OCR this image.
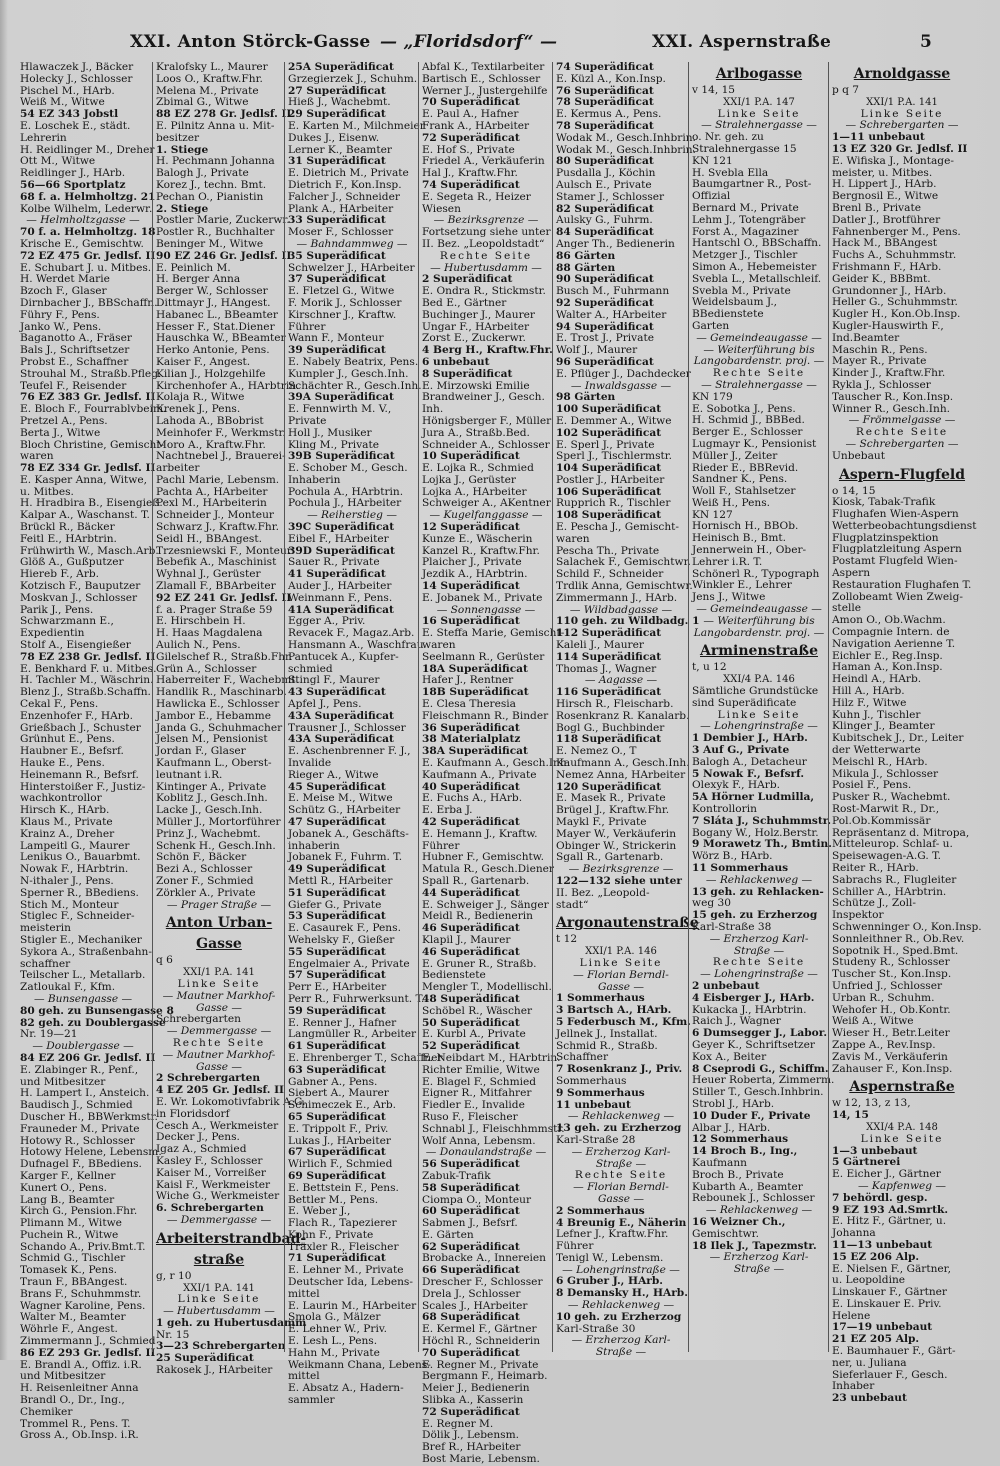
XXI. Anton Störck-Gasse — „Floridsdorf“ —	XXI. Aspernstraße	5
Hlawaczek J., Bäcker
Holecky J., Schlosser
Pischel M., HArb.
Weiß M., Witwe
54 EZ 343 Jobstl
E. Loschek E., städt.
Lehrerin
H. Reidlinger M., Dreher
Ott M., Witwe
Reidlinger J., HArb.
56—66 Sportplatz
68 f. a. Helmholtzg. 21
Kolbe Wilhelm, Lederwr.
— Helmholtzgasse —
70 f. a. Helmholtzg. 18
Krische E., Gemischtw.
72 EZ 475 Gr. Jedlsf. II
E. Schubart J. u. Mitbes.
H. Werdet Marie
Bzoch F., Glaser
Dirnbacher J., BBSchaffn.
Führy F., Pens.
Janko W., Pens.
Baganotto A., Fräser
Bals J., Schriftsetzer
Probst E., Schaffner
Strouhal M., Straßb.Pfleg.
Teufel F., Reisender
76 EZ 383 Gr. Jedlsf. II
E. Bloch F., Fourrablvbeim.
Pretzel A., Pens.
Berta J., Witwe
Bloch Christine, Gemischt-
waren
78 EZ 334 Gr. Jedlsf. II
E. Kasper Anna, Witwe,
u. Mitbes.
H. Hradbira B., Eisengieß.
Kalpar A., Waschanst. T.
Brückl R., Bäcker
Feitl E., HArbtrin.
Frühwirth W., Masch.Arb.
Glöß A., Gußputzer
Hiereb F., Arb.
Kotzisch F., Bauputzer
Moskvan J., Schlosser
Parik J., Pens.
Schwarzmann E.,
Expedientin
Stolf A., Eisengießer
78 EZ 238 Gr. Jedlsf. II
E. Benkhard F. u. Mitbes.
H. Tachler M., Wäschrin.
Blenz J., Straßb.Schaffn.
Cekal F., Pens.
Enzenhofer F., HArb.
Grießbach J., Schuster
Grünhut E., Pens.
Haubner E., Befsrf.
Hauke E., Pens.
Heinemann R., Befsrf.
Hinterstoißer F., Justiz-
wachkontrollor
Hirsch K., HArb.
Klaus M., Private
Krainz A., Dreher
Lampeitl G., Maurer
Lenikus O., Bauarbmt.
Nowak F., HArbtrin.
N-ithaler J., Pens.
Sperner R., BBediens.
Stich M., Monteur
Stiglec F., Schneider-
meisterin
Stigler E., Mechaniker
Sykora A., Straßenbahn-
schaffner
Teilscher L., Metallarb.
Zatloukal F., Kfm.
— Bunsengasse —
80 geh. zu Bunsengasse 8
82 geh. zu Doublergasse
Nr. 19—21
— Doublergasse —
84 EZ 206 Gr. Jedlsf. II
E. Zlabinger R., Penf.,
und Mitbesitzer
H. Lampert I., Ansteich.
Baudisch J., Schmied
Duscher H., BBWerkmstr.
Frauneder M., Private
Hotowy R., Schlosser
Hotowy Helene, Lebensm.
Dufnagel F., BBediens.
Karger F., Kellner
Kunert O., Pens.
Lang B., Beamter
Kirch G., Pension.Fhr.
Plimann M., Witwe
Puchein R., Witwe
Schando A., Priv.Bmt.T.
Schmid G., Tischler
Tomasek K., Pens.
Traun F., BBAngest.
Brans F., Schuhmmstr.
Wagner Karoline, Pens.
Walter M., Beamter
Wöhrle F., Angest.
Zimmermann J., Schmied
86 EZ 293 Gr. Jedlsf. II
E. Brandl A., Offiz. i.R.
und Mitbesitzer
H. Reisenleitner Anna
Brandl O., Dr., Ing.,
Chemiker
Trommel R., Pens. T.
Gross A., Ob.Insp. i.R.
Kralofsky L., Maurer
Loos O., Kraftw.Fhr.
Melena M., Private
Zbimal G., Witwe
88 EZ 278 Gr. Jedlsf. II
E. Pilnitz Anna u. Mit-
besitzer
1. Stiege
H. Pechmann Johanna
Balogh J., Private
Korez J., techn. Bmt.
Pechan O., Pianistin
2. Stiege
Postler Marie, Zuckerwr.
Postler R., Buchhalter
Beninger M., Witwe
90 EZ 246 Gr. Jedlsf. II
E. Peinlich M.
H. Berger Anna
Berger W., Schlosser
Dittmayr J., HAngest.
Habanec L., BBeamter
Hesser F., Stat.Diener
Hauschka W., BBeamter
Herko Antonie, Pens.
Kaiser F., Angest.
Kilian J., Holzgehilfe
Kirchenhofer A., HArbtrin.
Kolaja R., Witwe
Krenek J., Pens.
Lahoda A., BBobrist
Meinhofer F., Werkmstr.
Moro A., Kraftw.Fhr.
Nachtnebel J., Brauerei-
arbeiter
Pachl Marie, Lebensm.
Pachta A., HArbeiter
Pexl M., HArbeiterin
Schneider J., Monteur
Schwarz J., Kraftw.Fhr.
Seidl H., BBAngest.
Trzesniewski F., Monteur
Bebefik A., Maschinist
Wyhnal J., Gerüster
Zlamall F., BBArbeiter
92 EZ 241 Gr. Jedlsf. II
f. a. Prager Straße 59
E. Hirschbein H.
H. Haas Magdalena
Aulich N., Pens.
Gilelschef R., Straßb.Fhr.
Grün A., Schlosser
Haberreiter F., Wachebmt.
Handlik R., Maschinarb.
Hawlicka E., Schlosser
Jambor E., Hebamme
Janda G., Schuhmacher
Jelsen M., Pensionist
Jordan F., Glaser
Kaufmann L., Oberst-
leutnant i.R.
Kintinger A., Private
Koblitz J., Gesch.Inh.
Lacke J., Gesch.Inh.
Müller J., Mortorführer
Prinz J., Wachebmt.
Schenk H., Gesch.Inh.
Schön F., Bäcker
Bezi A., Schlosser
Zoner F., Schmied
Zörkler A., Private
— Prager Straße —
Anton Urban-
Gasse
q 6
XXI/1 P.A. 141
Linke Seite
— Mautner Markhof-
Gasse —
Schrebergarten
— Demmergasse —
Rechte Seite
— Mautner Markhof-
Gasse —
2 Schrebergarten
4 EZ 205 Gr. Jedlsf. II
E. Wr. Lokomotivfabrik A.G.
in Floridsdorf
Cesch A., Werkmeister
Decker J., Pens.
Igaz A., Schmied
Kasley F., Schlosser
Kaiser M., Vorreißer
Kaisl F., Werkmeister
Wiche G., Werkmeister
6. Schrebergarten
— Demmergasse —
Arbeiterstrandbad-
straße
g, r 10
XXI/1 P.A. 141
Linke Seite
— Hubertusdamm —
1 geh. zu Hubertusdamm
Nr. 15
3—23 Schrebergarten
25 Superädificat
Rakosek J., HArbeiter
25A Superädificat
Grzegierzek J., Schuhm.
27 Superädificat
Hieß J., Wachebmt.
29 Superädificat
E. Karten M., Milchmeier
Dukes J., Eisenw.
Lerner K., Beamter
31 Superädificat
E. Dietrich M., Private
Dietrich F., Kon.Insp.
Falcher J., Schneider
Plank A., HArbeiter
33 Superädificat
Moser F., Schlosser
— Bahndammweg —
35 Superädificat
Schwelzer J., HArbeiter
37 Superädificat
E. Fletzel G., Witwe
F. Morik J., Schlosser
Kirschner J., Kraftw.
Führer
Wann F., Monteur
39 Superädificat
E. Nabely Beatrix, Pens.
Kumpler J., Gesch.Inh.
Schächter R., Gesch.Inh.
39A Superädificat
E. Fennwirth M. V.,
Private
Holl J., Musiker
Kling M., Private
39B Superädificat
E. Schober M., Gesch.
Inhaberin
Pochula A., HArbtrin.
Pochula J., HArbeiter
— Reiherstieg —
39C Superädificat
Eibel F., HArbeiter
39D Superädificat
Sauer R., Private
41 Superädificat
Auder J., HArbeiter
Weinmann F., Pens.
41A Superädificat
Egger A., Priv.
Revacek F., Magaz.Arb.
Hansmann A., Waschfrau
Pantucek A., Kupfer-
schmied
Stingl F., Maurer
43 Superädificat
Apfel J., Pens.
43A Superädificat
Trausner J., Schlosser
43A Superädificat
E. Aschenbrenner F. J.,
Invalide
Rieger A., Witwe
45 Superädificat
E. Meise M., Witwe
Schütz G., HArbeiter
47 Superädificat
Jobanek A., Geschäfts-
inhaberin
Jobanek F., Fuhrm. T.
49 Superädificat
Mettl R., HArbeiter
51 Superädificat
Giefer G., Private
53 Superädificat
E. Casaurek F., Pens.
Wehelsky F., Gießer
55 Superädificat
Engelmaier A., Private
57 Superädificat
Perr E., HArbeiter
Perr R., Fuhrwerksunt. T.
59 Superädificat
E. Renner J., Hafner
Langmüller R., Arbeiter
61 Superädificat
E. Ehrenberger T., Schaffner
63 Superädificat
Gabner A., Pens.
Siebert A., Maurer
Schimeczek E., Arb.
65 Superädificat
E. Trippolt F., Priv.
Lukas J., HArbeiter
67 Superädificat
Wirlich F., Schmied
69 Superädificat
E. Bettstein F., Pens.
Bettler M., Pens.
E. Weber J.,
Flach R., Tapezierer
Kohn F., Private
Träxler R., Fleischer
71 Superädificat
E. Lehner M., Private
Deutscher Ida, Lebens-
mittel
E. Laurin M., HArbeiter
Smola G., Mälzer
E. Lehner W., Priv.
E. Lesh L., Pens.
Hahn M., Private
Weikmann Chana, Lebens-
mittel
E. Absatz A., Hadern-
sammler
Abfal K., Textilarbeiter
Bartisch E., Schlosser
Werner J., Justergehilfe
70 Superädificat
E. Paul A., Hafner
Frank A., HArbeiter
72 Superädificat
E. Hof S., Private
Friedel A., Verkäuferin
Hal J., Kraftw.Fhr.
74 Superädificat
E. Segeta R., Heizer
Wiesen
— Bezirksgrenze —
Fortsetzung siehe unter
II. Bez. „Leopoldstadt“
Rechte Seite
— Hubertusdamm —
2 Superädificat
E. Ondra R., Stickmstr.
Bed E., Gärtner
Buchinger J., Maurer
Ungar F., HArbeiter
Zorst E., Zuckerwr.
4 Berg H., Kraftw.Fhr.
6 unbebaut
8 Superädificat
E. Mirzowski Emilie
Brandweiner J., Gesch.
Inh.
Hönigsberger F., Müller
Jura A., Straßb.Bed.
Schneider A., Schlosser
10 Superädificat
E. Lojka R., Schmied
Lojka J., Gerüster
Lojka A., HArbeiter
Schweiger A., AKentner
— Kugelfanggasse —
12 Superädificat
Kunze E., Wäscherin
Kanzel R., Kraftw.Fhr.
Plaicher J., Private
Jezdik A., HArbtrin.
14 Superädificat
E. Jobanek M., Private
— Sonnengasse —
16 Superädificat
E. Steffa Marie, Gemischt-
waren
Seelmann R., Gerüster
18A Superädificat
Hafer J., Rentner
18B Superädificat
E. Clesa Theresia
Fleischmann R., Binder
36 Superädificat
38 Materialplatz
38A Superädificat
E. Kaufmann A., Gesch.Inh.
Kaufmann A., Private
40 Superädificat
E. Fuchs A., HArb.
E. Erba J.
42 Superädificat
E. Hemann J., Kraftw.
Führer
Hubner F., Gemischtw.
Matula R., Gesch.Diener
Spall R., Gartenarb.
44 Superädificat
E. Schweiger J., Sänger
Meidl R., Bedienerin
46 Superädificat
Klapil J., Maurer
46 Superädificat
E. Gruner R., Straßb.
Bedienstete
Mengler T., Modellischl.
48 Superädificat
Schöbel R., Wäscher
50 Superädificat
E. Kurbl A., Private
52 Superädificat
E. Neibdart M., HArbtrin.
Richter Emilie, Witwe
E. Blagel F., Schmied
Eigner R., Mitfahrer
Fiedler E., Invalide
Ruso F., Fleischer
Schnabl J., Fleischhmmstr.
Wolf Anna, Lebensm.
— Donaulandstraße —
56 Superädificat
Zabuk-Trafik
58 Superädificat
Ciompa O., Monteur
60 Superädificat
Sabmen J., Befsrf.
E. Gärten
62 Superädificat
Brobacke A., Innereien
66 Superädificat
Drescher F., Schlosser
Drela J., Schlosser
Scales J., HArbeiter
68 Superädificat
E. Kermel F., Gärtner
Höchl R., Schneiderin
70 Superädificat
E. Regner M., Private
Bergmann F., Heimarb.
Meier J., Bedienerin
Slibka A., Kasserin
72 Superädificat
E. Regner M.
Dölik J., Lebensm.
Bref R., HArbeiter
Bost Marie, Lebensm.
74 Superädificat
E. Küzl A., Kon.Insp.
76 Superädificat
78 Superädificat
E. Kermus A., Pens.
78 Superädificat
Wodak M., Gesch.Inhbrin.
Wodak M., Gesch.Inhbrin.
80 Superädificat
Pusdalla J., Köchin
Aulsch E., Private
Stamer J., Schlosser
82 Superädificat
Aulsky G., Fuhrm.
84 Superädificat
Anger Th., Bedienerin
86 Gärten
88 Gärten
90 Superädificat
Busch M., Fuhrmann
92 Superädificat
Walter A., HArbeiter
94 Superädificat
E. Trost J., Private
Wolf J., Maurer
96 Superädificat
E. Pflüger J., Dachdecker
— Inwaldsgasse —
98 Gärten
100 Superädificat
E. Demmer A., Witwe
102 Superädificat
E. Sperl J., Private
Sperl J., Tischlermstr.
104 Superädificat
Postler J., HArbeiter
106 Superädificat
Rupprich R., Tischler
108 Superädificat
E. Pescha J., Gemischt-
waren
Pescha Th., Private
Salachek F., Gemischtwr.
Schild F., Schneider
Trdlik Anna, Gemischtwr.
Zimmermann J., HArb.
— Wildbadgasse —
110 geh. zu Wildbadg. 1
112 Superädificat
Kaleli J., Maurer
114 Superädificat
Thomas J., Wagner
— Aagasse —
116 Superädificat
Hirsch R., Fleischarb.
Rosenkranz R. Kanalarb.
Bogl G., Buchbinder
118 Superädificat
E. Nemez O., T
Kaufmann A., Gesch.Inh.
Nemez Anna, HArbeiter
120 Superädificat
E. Masek R., Private
Brügel J., Kraftw.Fhr.
Maykl F., Private
Mayer W., Verkäuferin
Obinger W., Strickerin
Sgall R., Gartenarb.
— Bezirksgrenze —
122—132 siehe unter
II. Bez. „Leopold-
stadt“
Argonautenstraße
t 12
XXI/1 P.A. 146
Linke Seite
— Florian Berndl-
Gasse —
1 Sommerhaus
3 Bartsch A., HArb.
5 Federbusch M., Kfm.
Jellnek J., Installat.
Schmid R., Straßb.
Schaffner
7 Rosenkranz J., Priv.
Sommerhaus
9 Sommerhaus
11 unbebaut
— Rehlackenweg —
13 geh. zu Erzherzog
Karl-Straße 28
— Erzherzog Karl-
Straße —
Rechte Seite
— Florian Berndl-
Gasse —
2 Sommerhaus
4 Breunig E., Näherin
Lefner J., Kraftw.Fhr.
Führer
Tenigl W., Lebensm.
— Lohengrinstraße —
6 Gruber J., HArb.
8 Demansky H., HArb.
— Rehlackenweg —
10 geh. zu Erzherzog
Karl-Straße 30
— Erzherzog Karl-
Straße —
Arlbogasse
v 14, 15
XXI/1 P.A. 147
Linke Seite
— Stralehnergasse —
o. Nr. geh. zu
Stralehnergasse 15
KN 121
H. Svebla Ella
Baumgartner R., Post-
Offizial
Bernard M., Private
Lehm J., Totengräber
Forst A., Magaziner
Hantschl O., BBSchaffn.
Metzger J., Tischler
Simon A., Hebemeister
Svebla L., Metallschleif.
Svebla M., Private
Weidelsbaum J.,
BBedienstete
Garten
— Gemeindeaugasse —
— Weiterführung bis
Langobardenstr. proj. —
Rechte Seite
— Stralehnergasse —
KN 179
E. Sobotka J., Pens.
H. Schmid J., BBBed.
Berger E., Schlosser
Lugmayr K., Pensionist
Müller J., Zeiter
Rieder E., BBRevid.
Sandner K., Pens.
Woll F., Stahlsetzer
Weiß H., Pens.
KN 127
Hornisch H., BBOb.
Heinisch B., Bmt.
Jennerwein H., Ober-
Lehrer i.R. T.
Schönerl R., Typograph
Winkler E., Lehrer
Jens J., Witwe
— Gemeindeaugasse —
— Weiterführung bis
Langobardenstr. proj. —
Arminenstraße
t, u 12
XXI/4 P.A. 146
Sämtliche Grundstücke
sind Superädificate
Linke Seite
— Lohengrinstraße —
1 Dembier J., HArb.
3 Auf G., Private
Balogh A., Detacheur
5 Nowak F., Befsrf.
Olexyk F., HArb.
5A Hörner Ludmilla,
Kontrollorin
7 Sláta J., Schuhmmstr.
Bogany W., Holz.Berstr.
9 Morawetz Th., Bmtin.
Wörz B., HArb.
11 Sommerhaus
— Rehlackenweg —
13 geh. zu Rehlacken-
weg 30
15 geh. zu Erzherzog
Karl-Straße 38
— Erzherzog Karl-
Straße —
Rechte Seite
— Lohengrinstraße —
2 unbebaut
4 Eisberger J., HArb.
Kukacka J., HArbtrin.
Raich J., Wagner
6 Dumsegger J., Labor.
Geyer K., Schriftsetzer
Kox A., Beiter
8 Cseprodi G., Schiffm.
Heuer Roberta, Zimmerm.
Stiller T., Gesch.Inhbrin.
Strobl J., HArb.
10 Duder F., Private
Albar J., HArb.
12 Sommerhaus
14 Broch B., Ing.,
Kaufmann
Broch B., Private
Kubarth A., Beamter
Rebounek J., Schlosser
— Rehlackenweg —
16 Weizner Ch.,
Gemischtwr.
18 Ilek J., Tapezmstr.
— Erzherzog Karl-
Straße —
Arnoldgasse
p q 7
XXI/1 P.A. 141
Linke Seite
— Schrebergarten —
1—11 unbebaut
13 EZ 320 Gr. Jedlsf. II
E. Wifiska J., Montage-
meister, u. Mitbes.
H. Lippert J., HArb.
Bergnosil E., Witwe
Brenl B., Private
Datler J., Brotführer
Fahnenberger M., Pens.
Hack M., BBAngest
Fuchs A., Schuhmmstr.
Frishmann F., HArb.
Geider K., BBBmt.
Grundonner J., HArb.
Heller G., Schuhmmstr.
Kugler H., Kon.Ob.Insp.
Kugler-Hauswirth F.,
Ind.Beamter
Maschin R., Pens.
Mayer R., Private
Kinder J., Kraftw.Fhr.
Rykla J., Schlosser
Tauscher R., Kon.Insp.
Winner R., Gesch.Inh.
— Frömmelgasse —
Rechte Seite
— Schrebergarten —
Unbebaut
Aspern-Flugfeld
o 14, 15
Kiosk, Tabak-Trafik
Flughafen Wien-Aspern
Wetterbeobachtungsdienst
Flugplatzinspektion
Flugplatzleitung Aspern
Postamt Flugfeld Wien-
Aspern
Restauration Flughafen T.
Zollobeamt Wien Zweig-
stelle
Amon O., Ob.Wachm.
Compagnie Intern. de
Navigation Aerienne T.
Eichler E., Reg.Insp.
Haman A., Kon.Insp.
Heindl A., HArb.
Hill A., HArb.
Hilz F., Witwe
Kuhn J., Tischler
Klinger J., Beamter
Kubitschek J., Dr., Leiter
der Wetterwarte
Meischl R., HArb.
Mikula J., Schlosser
Posiel F., Pens.
Pusker R., Wachebmt.
Rost-Marwit R., Dr.,
Pol.Ob.Kommissär
Repräsentanz d. Mitropa,
Mitteleurop. Schlaf- u.
Speisewagen-A.G. T.
Reiter R., HArb.
Sabrachs R., Flugleiter
Schiller A., HArbtrin.
Schütze J., Zoll-
Inspektor
Schwenninger O., Kon.Insp.
Sonnleithner R., Ob.Rev.
Sopotnik H., Sped.Bmt.
Studeny R., Schlosser
Tuscher St., Kon.Insp.
Unfried J., Schlosser
Urban R., Schuhm.
Wehofer H., Ob.Kontr.
Weiß A., Witwe
Wieser H., Betr.Leiter
Zappe A., Rev.Insp.
Zavis M., Verkäuferin
Zahauser F., Kon.Insp.
Aspernstraße
w 12, 13, z 13,
14, 15
XXI/4 P.A. 148
Linke Seite
1—3 unbebaut
5 Gärtnerei
E. Eicher J., Gärtner
— Kapfenweg —
7 behördl. gesp.
9 EZ 193 Ad.Smrtk.
E. Hitz F., Gärtner, u.
Johanna
11—13 unbebaut
15 EZ 206 Alp.
E. Nielsen F., Gärtner,
u. Leopoldine
Linskauer F., Gärtner
E. Linskauer E. Priv.
Helene
17—19 unbebaut
21 EZ 205 Alp.
E. Baumhauer F., Gärt-
ner, u. Juliana
Sieferlauer F., Gesch.
Inhaber
23 unbebaut
